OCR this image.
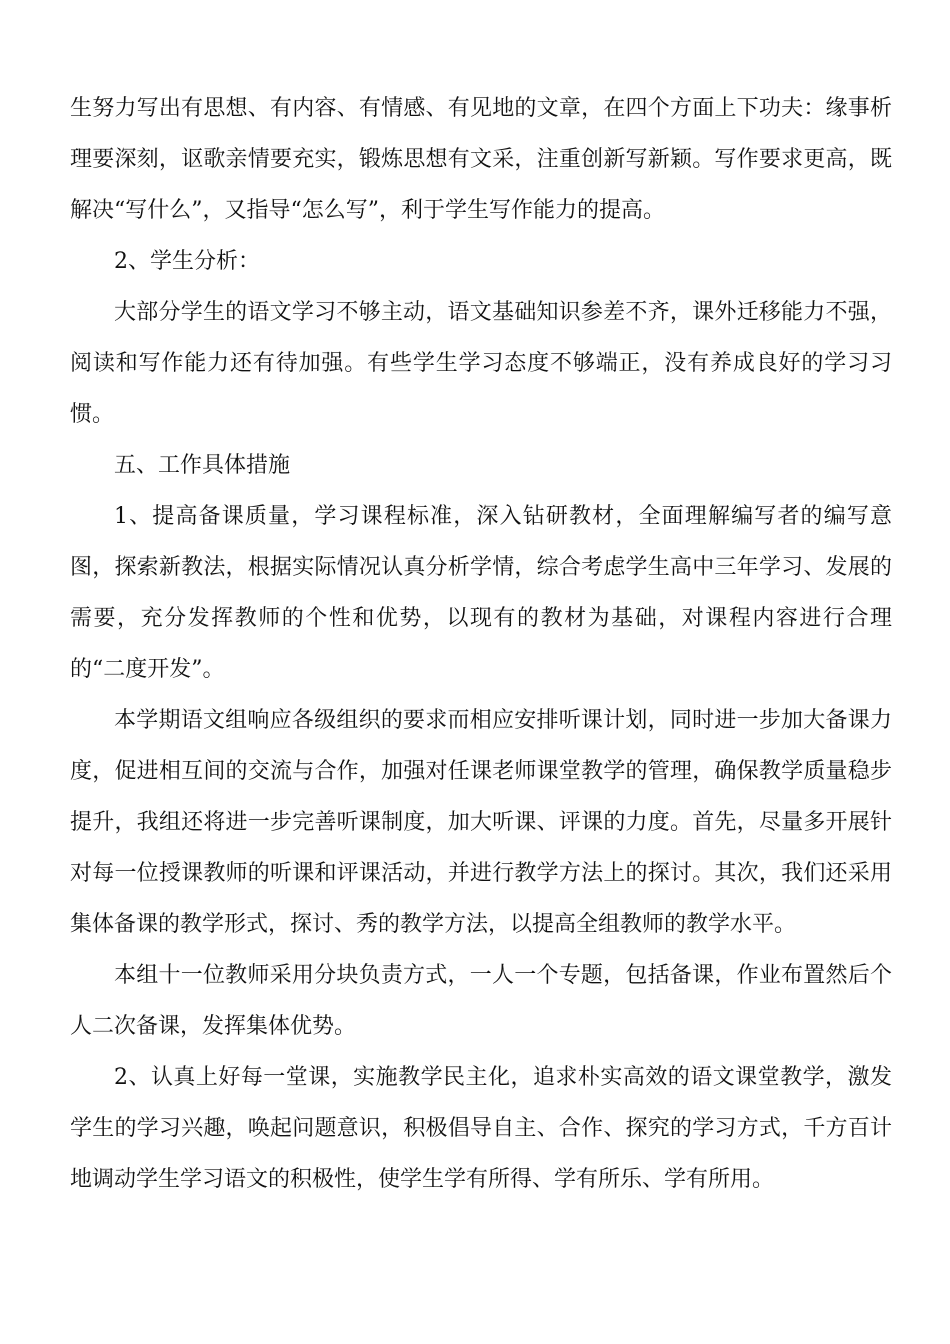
生努力写出有思想、有内容、有情感、有见地的文章，在四个方面上下功夫：缘事析理要深刻，讴歌亲情要充实，锻炼思想有文采，注重创新写新颖。写作要求更高，既解决“写什么”，又指导“怎么写”，利于学生写作能力的提高。

2、学生分析：

大部分学生的语文学习不够主动，语文基础知识参差不齐，课外迁移能力不强，阅读和写作能力还有待加强。有些学生学习态度不够端正，没有养成良好的学习习惯。

五、工作具体措施

1、提高备课质量，学习课程标准，深入钻研教材，全面理解编写者的编写意图，探索新教法，根据实际情况认真分析学情，综合考虑学生高中三年学习、发展的需要，充分发挥教师的个性和优势，以现有的教材为基础，对课程内容进行合理的“二度开发”。

本学期语文组响应各级组织的要求而相应安排听课计划，同时进一步加大备课力度，促进相互间的交流与合作，加强对任课老师课堂教学的管理，确保教学质量稳步提升，我组还将进一步完善听课制度，加大听课、评课的力度。首先，尽量多开展针对每一位授课教师的听课和评课活动，并进行教学方法上的探讨。其次，我们还采用集体备课的教学形式，探讨、秀的教学方法，以提高全组教师的教学水平。

本组十一位教师采用分块负责方式，一人一个专题，包括备课，作业布置然后个人二次备课，发挥集体优势。

2、认真上好每一堂课，实施教学民主化，追求朴实高效的语文课堂教学，激发学生的学习兴趣，唤起问题意识，积极倡导自主、合作、探究的学习方式，千方百计地调动学生学习语文的积极性，使学生学有所得、学有所乐、学有所用。
